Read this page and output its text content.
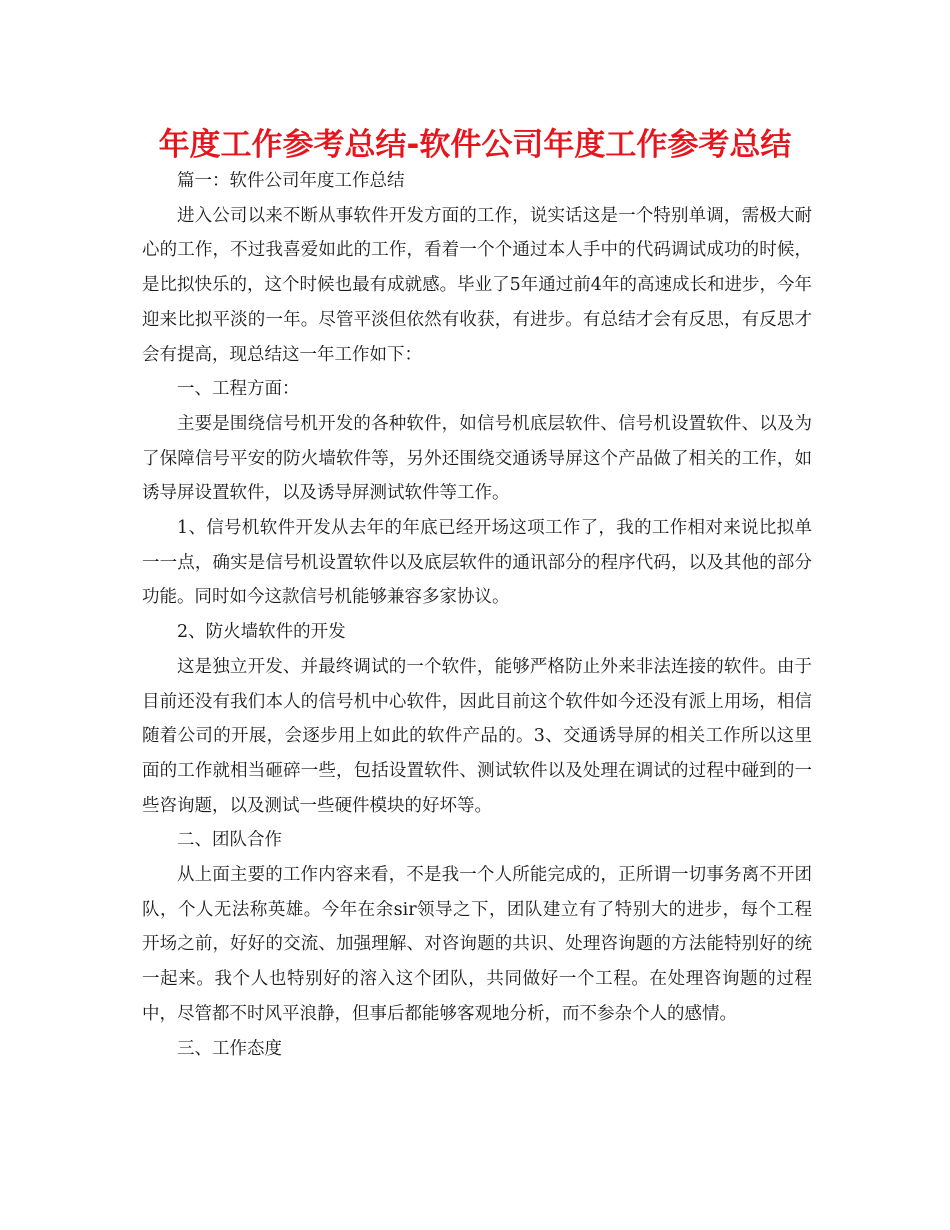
年度工作参考总结-软件公司年度工作参考总结

篇一：软件公司年度工作总结

进入公司以来不断从事软件开发方面的工作，说实话这是一个特别单调，需极大耐心的工作，不过我喜爱如此的工作，看着一个个通过本人手中的代码调试成功的时候，是比拟快乐的，这个时候也最有成就感。毕业了5年通过前4年的高速成长和进步，今年迎来比拟平淡的一年。尽管平淡但依然有收获，有进步。有总结才会有反思，有反思才会有提高，现总结这一年工作如下：

一、工程方面：

主要是围绕信号机开发的各种软件，如信号机底层软件、信号机设置软件、以及为了保障信号平安的防火墙软件等，另外还围绕交通诱导屏这个产品做了相关的工作，如诱导屏设置软件，以及诱导屏测试软件等工作。

1、信号机软件开发从去年的年底已经开场这项工作了，我的工作相对来说比拟单一一点，确实是信号机设置软件以及底层软件的通讯部分的程序代码，以及其他的部分功能。同时如今这款信号机能够兼容多家协议。

2、防火墙软件的开发

这是独立开发、并最终调试的一个软件，能够严格防止外来非法连接的软件。由于目前还没有我们本人的信号机中心软件，因此目前这个软件如今还没有派上用场，相信随着公司的开展，会逐步用上如此的软件产品的。3、交通诱导屏的相关工作所以这里面的工作就相当砸碎一些，包括设置软件、测试软件以及处理在调试的过程中碰到的一些咨询题，以及测试一些硬件模块的好坏等。

二、团队合作

从上面主要的工作内容来看，不是我一个人所能完成的，正所谓一切事务离不开团队，个人无法称英雄。今年在余sir领导之下，团队建立有了特别大的进步，每个工程开场之前，好好的交流、加强理解、对咨询题的共识、处理咨询题的方法能特别好的统一起来。我个人也特别好的溶入这个团队，共同做好一个工程。在处理咨询题的过程中，尽管都不时风平浪静，但事后都能够客观地分析，而不参杂个人的感情。

三、工作态度
